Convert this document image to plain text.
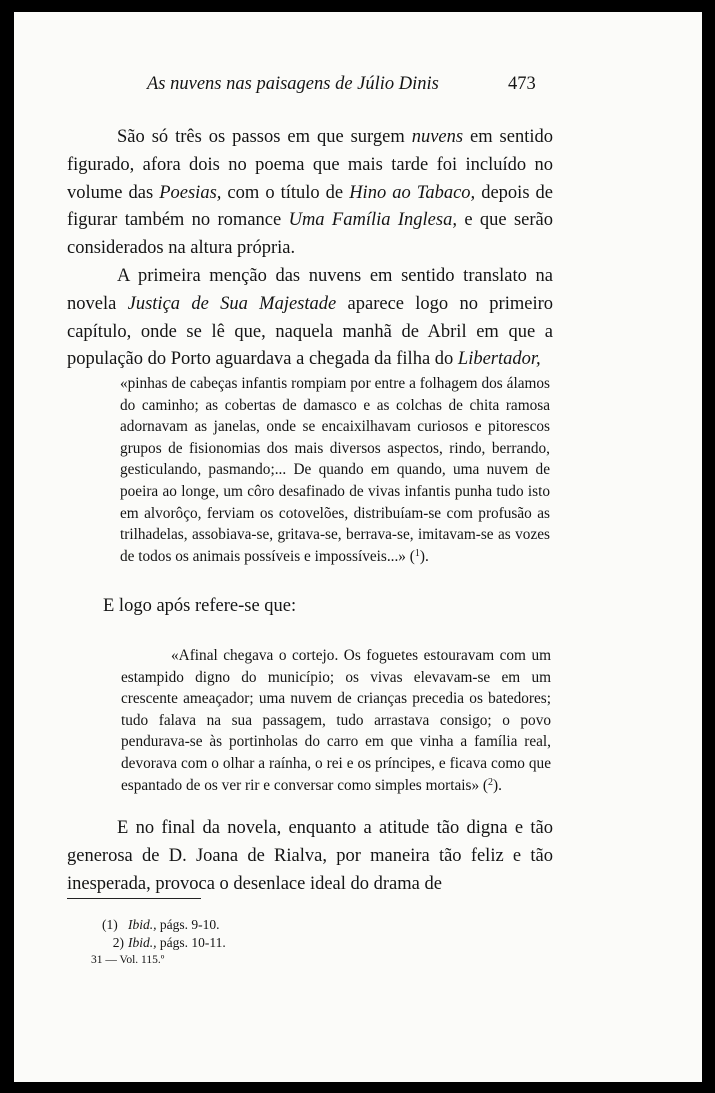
As nuvens nas paisagens de Júlio Dinis	473

São só três os passos em que surgem nuvens em sentido figurado, afora dois no poema que mais tarde foi incluído no volume das Poesias, com o título de Hino ao Tabaco, depois de figurar também no romance Uma Família Inglesa, e que serão considerados na altura própria.

A primeira menção das nuvens em sentido translato na novela Justiça de Sua Majestade aparece logo no primeiro capítulo, onde se lê que, naquela manhã de Abril em que a população do Porto aguardava a chegada da filha do Libertador,

«pinhas de cabeças infantis rompiam por entre a folhagem dos álamos do caminho; as cobertas de damasco e as colchas de chita ramosa adornavam as janelas, onde se encaixilhavam curiosos e pitorescos grupos de fisionomias dos mais diversos aspectos, rindo, berrando, gesticulando, pasmando;... De quando em quando, uma nuvem de poeira ao longe, um côro desafinado de vivas infantis punha tudo isto em alvorôço, ferviam os cotovelões, distribuíam-se com profusão as trilhadelas, assobiava-se, gritava-se, berrava-se, imitavam-se as vozes de todos os animais possíveis e impossíveis...» ($^1$).

E logo após refere-se que:

«Afinal chegava o cortejo. Os foguetes estouravam com um estampido digno do município; os vivas elevavam-se em um crescente ameaçador; uma nuvem de crianças precedia os batedores; tudo falava na sua passagem, tudo arrastava consigo; o povo pendurava-se às portinholas do carro em que vinha a família real, devorava com o olhar a raínha, o rei e os príncipes, e ficava como que espantado de os ver rir e conversar como simples mortais» ($^2$).

E no final da novela, enquanto a atitude tão digna e tão generosa de D. Joana de Rialva, por maneira tão feliz e tão inesperada, provoca o desenlace ideal do drama de

(1) Ibid., págs. 9-10.
2) Ibid., págs. 10-11.
31 — Vol. 115.º
